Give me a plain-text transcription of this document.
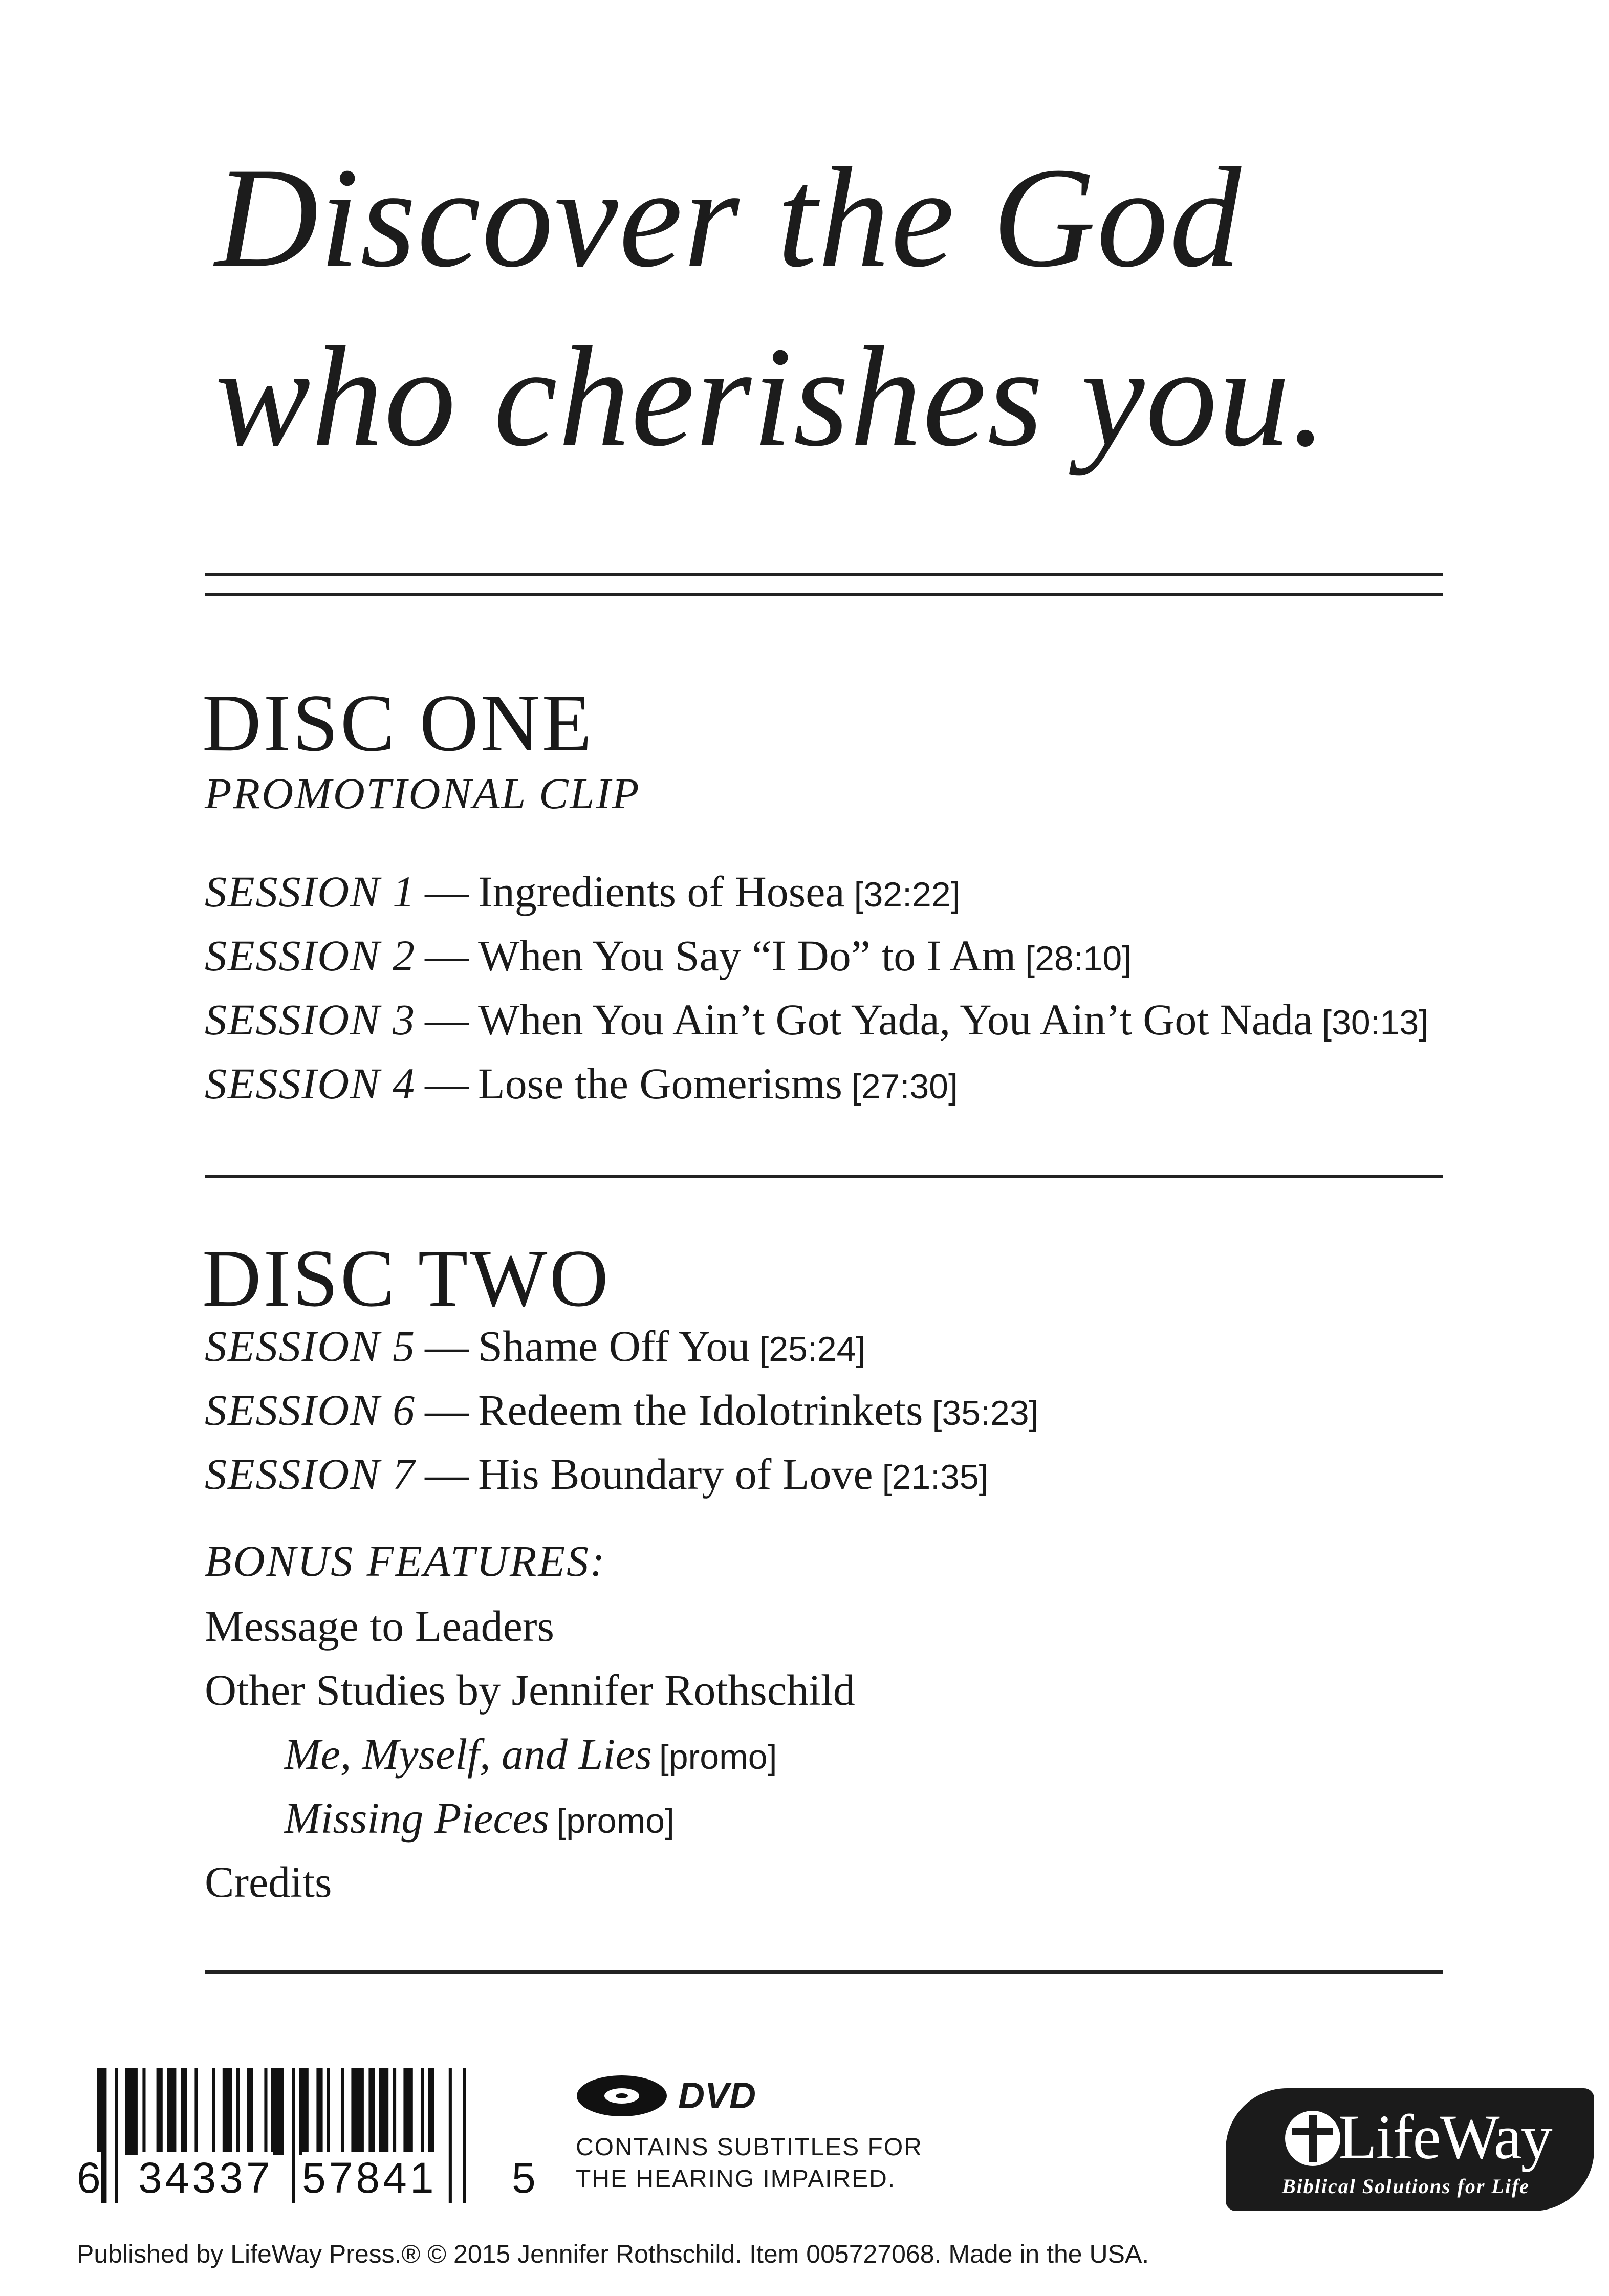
Discover the God
who cherishes you.
DISC ONE
PROMOTIONAL CLIP
SESSION 1 — Ingredients of Hosea [32:22]
SESSION 2 — When You Say “I Do” to I Am [28:10]
SESSION 3 — When You Ain’t Got Yada, You Ain’t Got Nada [30:13]
SESSION 4 — Lose the Gomerisms [27:30]
DISC TWO
SESSION 5 — Shame Off You [25:24]
SESSION 6 — Redeem the Idolotrinkets [35:23]
SESSION 7 — His Boundary of Love [21:35]
BONUS FEATURES:
Message to Leaders
Other Studies by Jennifer Rothschild
Me, Myself, and Lies [promo]
Missing Pieces [promo]
Credits
6 34337 57841 5
DVD
CONTAINS SUBTITLES FOR
THE HEARING IMPAIRED.
LifeWay
Biblical Solutions for Life
Published by LifeWay Press.® © 2015 Jennifer Rothschild. Item 005727068. Made in the USA.
